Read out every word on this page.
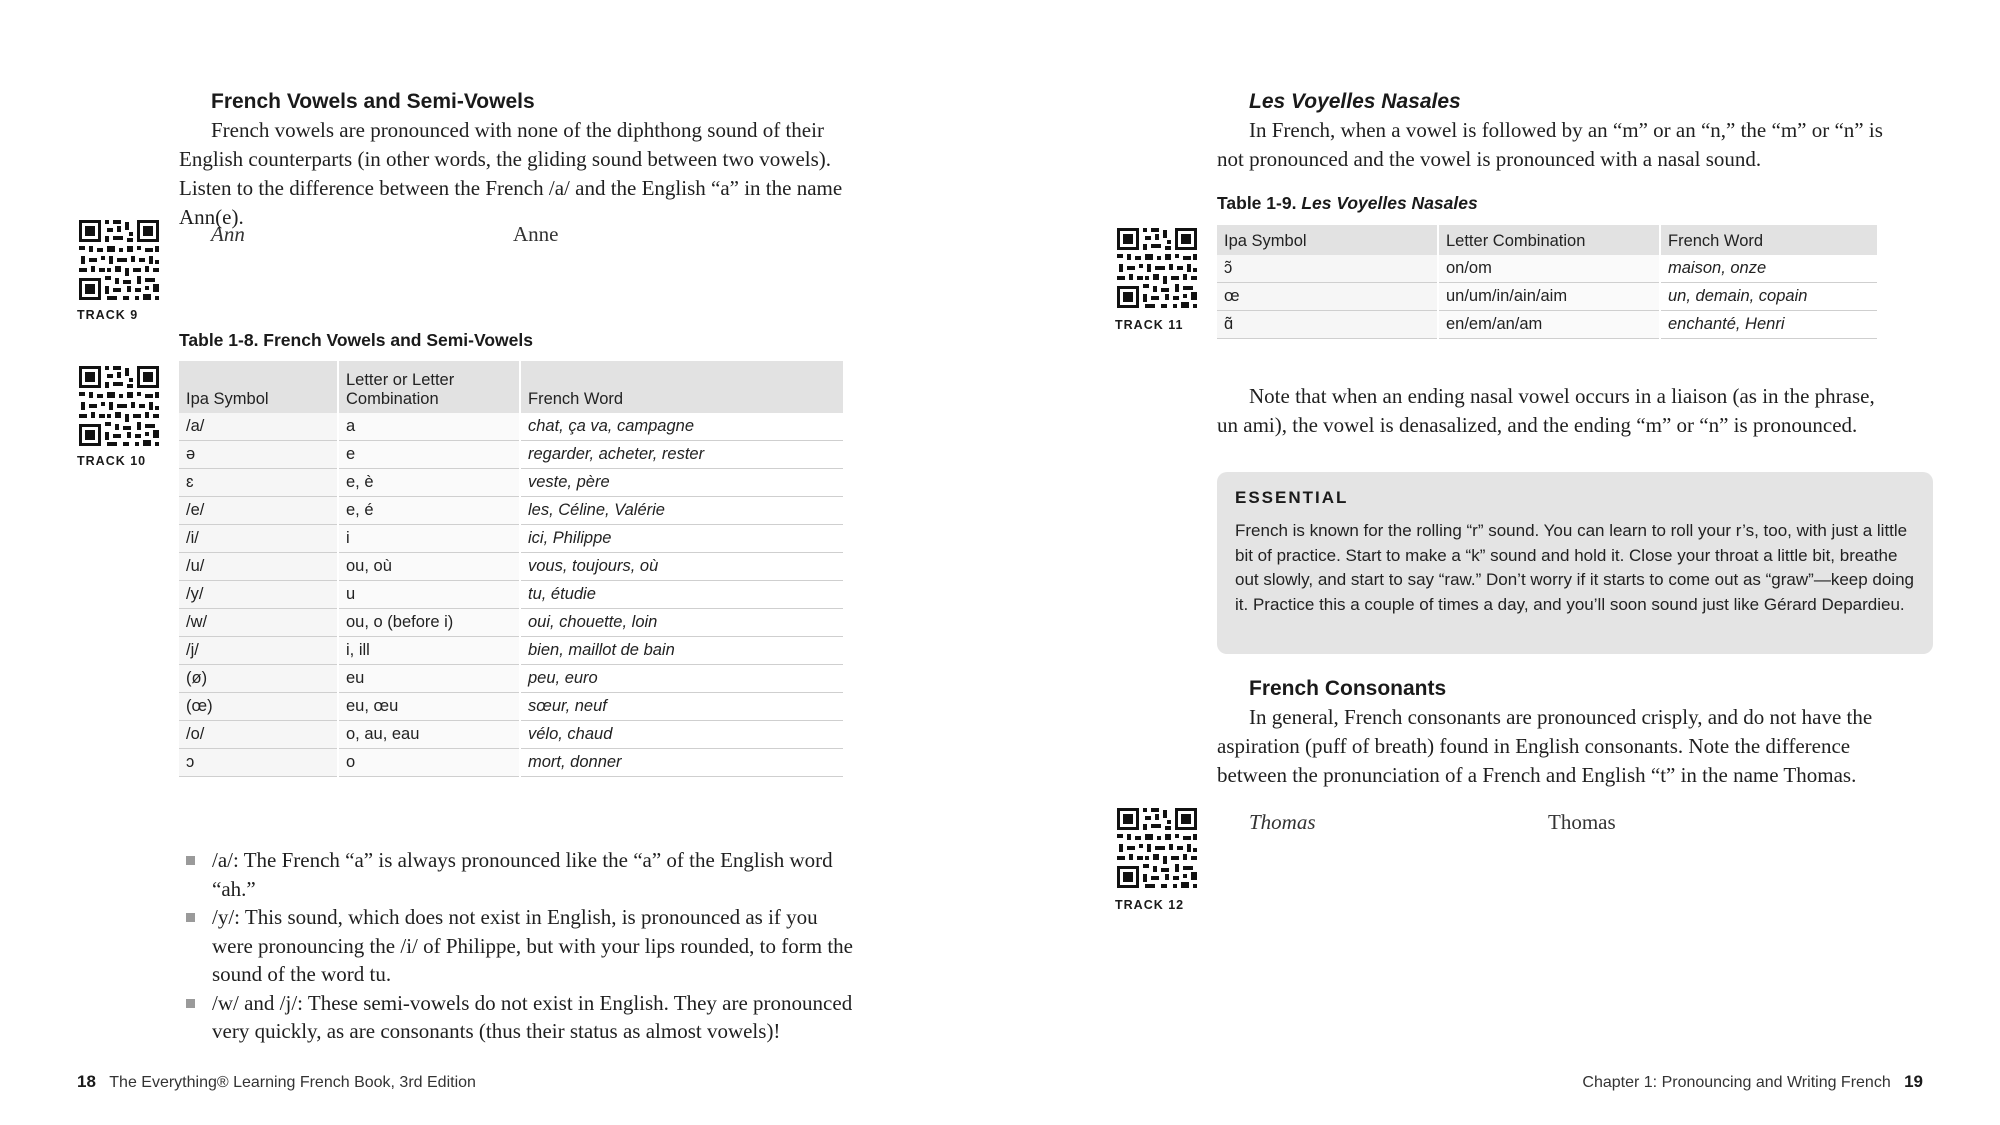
French Vowels and Semi-Vowels

French vowels are pronounced with none of the diphthong sound of their English counterparts (in other words, the gliding sound between two vowels). Listen to the difference between the French /a/ and the English “a” in the name Ann(e).

TRACK 9
Ann	Anne
Table 1-8. French Vowels and Semi-Vowels
TRACK 10
Ipa Symbol	Letter or Letter Combination	French Word
/a/	a	chat, ça va, campagne
ə	e	regarder, acheter, rester
ɛ	e, è	veste, père
/e/	e, é	les, Céline, Valérie
/i/	i	ici, Philippe
/u/	ou, où	vous, toujours, où
/y/	u	tu, étudie
/w/	ou, o (before i)	oui, chouette, loin
/j/	i, ill	bien, maillot de bain
(ø)	eu	peu, euro
(œ)	eu, œu	sœur, neuf
/o/	o, au, eau	vélo, chaud
ɔ	o	mort, donner
/a/: The French “a” is always pronounced like the “a” of the English word “ah.”
/y/: This sound, which does not exist in English, is pronounced as if you were pronouncing the /i/ of Philippe, but with your lips rounded, to form the sound of the word tu.
/w/ and /j/: These semi-vowels do not exist in English. They are pronounced very quickly, as are consonants (thus their status as almost vowels)!
18 The Everything® Learning French Book, 3rd Edition
Les Voyelles Nasales

In French, when a vowel is followed by an “m” or an “n,” the “m” or “n” is not pronounced and the vowel is pronounced with a nasal sound.

Table 1-9. Les Voyelles Nasales
TRACK 11
Ipa Symbol	Letter Combination	French Word
ɔ̃	on/om	maison, onze
œ	un/um/in/ain/aim	un, demain, copain
ɑ̃	en/em/an/am	enchanté, Henri

Note that when an ending nasal vowel occurs in a liaison (as in the phrase, un ami), the vowel is denasalized, and the ending “m” or “n” is pronounced.

ESSENTIAL

French is known for the rolling “r” sound. You can learn to roll your r’s, too, with just a little bit of practice. Start to make a “k” sound and hold it. Close your throat a little bit, breathe out slowly, and start to say “raw.” Don’t worry if it starts to come out as “graw”—keep doing it. Practice this a couple of times a day, and you’ll soon sound just like Gérard Depardieu.

French Consonants

In general, French consonants are pronounced crisply, and do not have the aspiration (puff of breath) found in English consonants. Note the difference between the pronunciation of a French and English “t” in the name Thomas.

TRACK 12
Thomas	Thomas
Chapter 1: Pronouncing and Writing French 19
